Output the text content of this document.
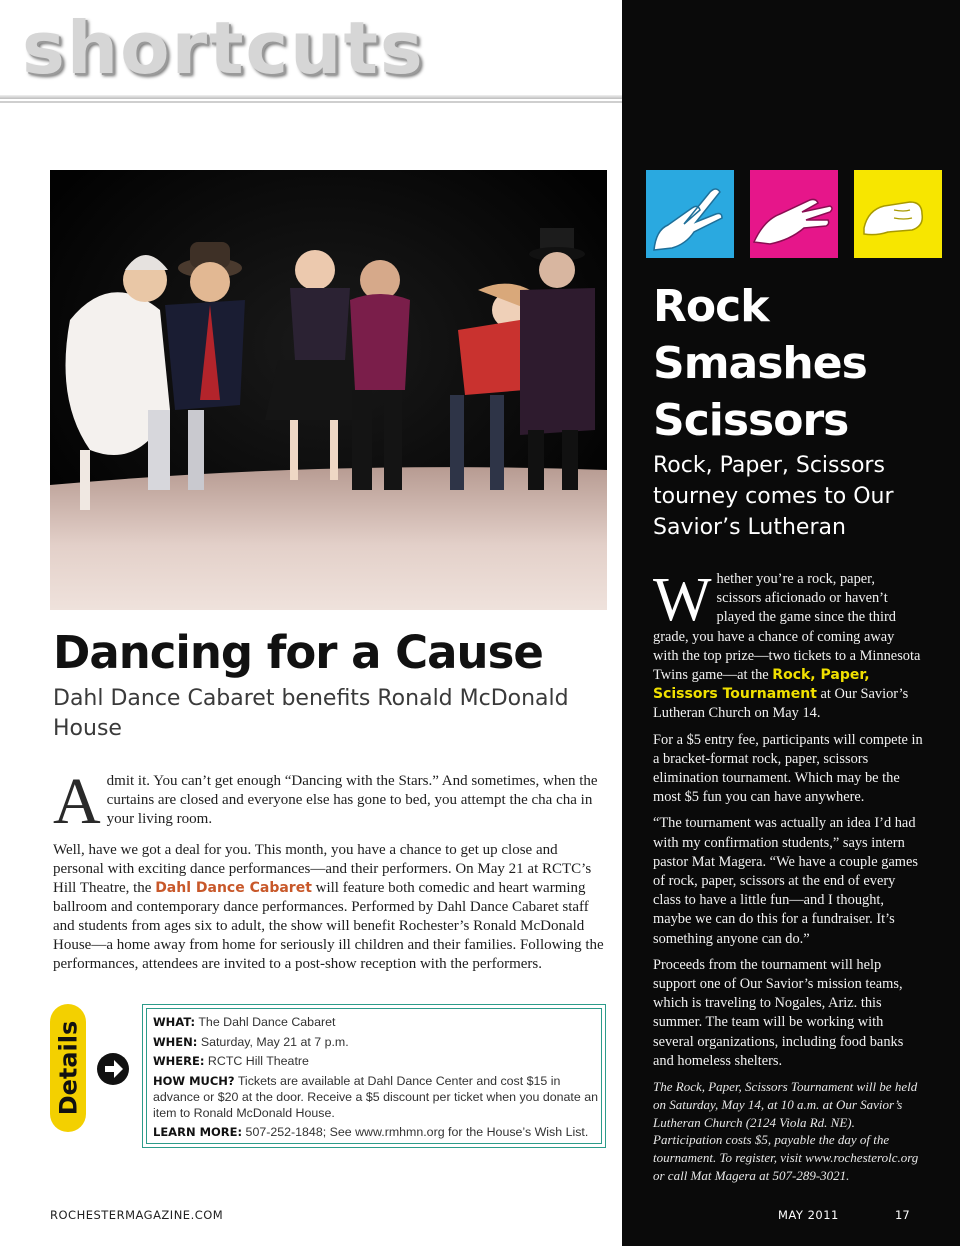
shortcuts
Dancing for a Cause
Dahl Dance Cabaret benefits Ronald McDonald House

Admit it. You can’t get enough “Dancing with the Stars.” And sometimes, when the curtains are closed and everyone else has gone to bed, you attempt the cha cha in your living room.

Well, have we got a deal for you. This month, you have a chance to get up close and personal with exciting dance performances—and their performers. On May 21 at RCTC’s Hill Theatre, the Dahl Dance Cabaret will feature both comedic and heart warming ballroom and contemporary dance performances. Performed by Dahl Dance Cabaret staff and students from ages six to adult, the show will benefit Rochester’s Ronald McDonald House—a home away from home for seriously ill children and their families. Following the performances, attendees are invited to a post-show reception with the performers.

Details	WHAT: The Dahl Dance Cabaret
WHEN: Saturday, May 21 at 7 p.m.
WHERE: RCTC Hill Theatre
HOW MUCH? Tickets are available at Dahl Dance Center and cost $15 in advance or $20 at the door. Receive a $5 discount per ticket when you donate an item to Ronald McDonald House.
LEARN MORE: 507-252-1848; See www.rmhmn.org for the House’s Wish List.
Rock Smashes Scissors
Rock, Paper, Scissors tourney comes to Our Savior’s Lutheran

Whether you’re a rock, paper, scissors aficionado or haven’t played the game since the third grade, you have a chance of coming away with the top prize—two tickets to a Minnesota Twins game—at the Rock, Paper, Scissors Tournament at Our Savior’s Lutheran Church on May 14.

For a $5 entry fee, participants will compete in a bracket-format rock, paper, scissors elimination tournament. Which may be the most $5 fun you can have anywhere.

“The tournament was actually an idea I’d had with my confirmation students,” says intern pastor Mat Magera. “We have a couple games of rock, paper, scissors at the end of every class to have a little fun—and I thought, maybe we can do this for a fundraiser. It’s something anyone can do.”

Proceeds from the tournament will help support one of Our Savior’s mission teams, which is traveling to Nogales, Ariz. this summer. The team will be working with several organizations, including food banks and homeless shelters.

The Rock, Paper, Scissors Tournament will be held on Saturday, May 14, at 10 a.m. at Our Savior’s Lutheran Church (2124 Viola Rd. NE). Participation costs $5, payable the day of the tournament. To register, visit www.rochesterolc.org or call Mat Magera at 507-289-3021.

ROCHESTERMAGAZINE.COM	MAY 2011	17
